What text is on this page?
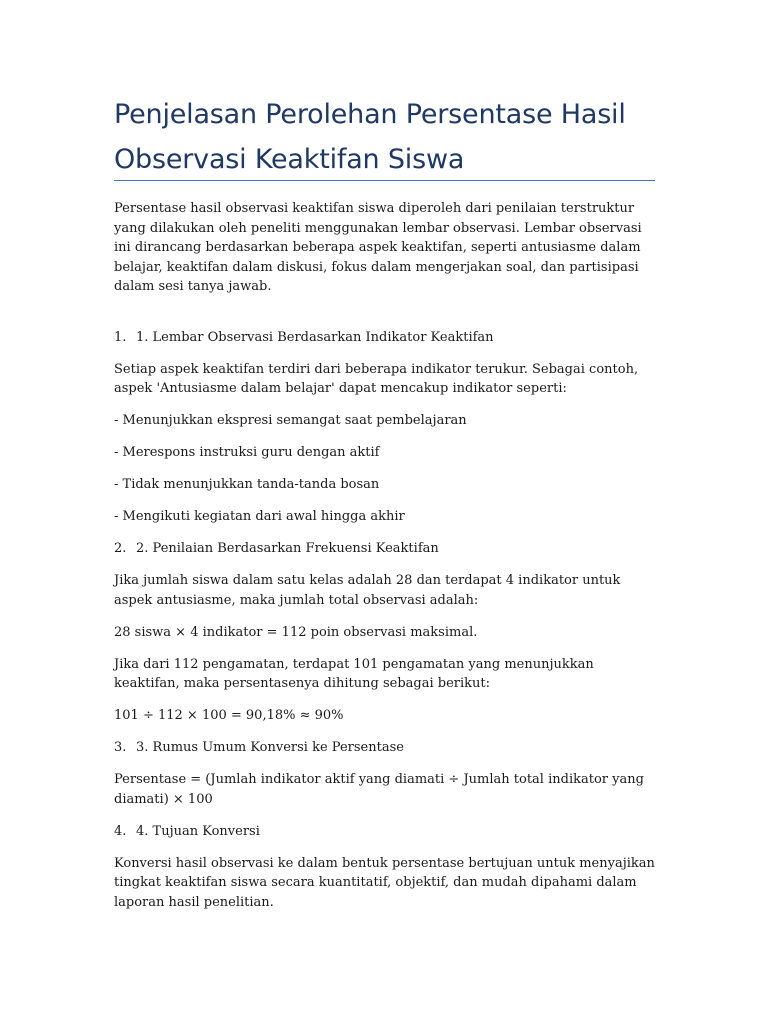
Penjelasan Perolehan Persentase Hasil Observasi Keaktifan Siswa

Persentase hasil observasi keaktifan siswa diperoleh dari penilaian terstruktur yang dilakukan oleh peneliti menggunakan lembar observasi. Lembar observasi ini dirancang berdasarkan beberapa aspek keaktifan, seperti antusiasme dalam belajar, keaktifan dalam diskusi, fokus dalam mengerjakan soal, dan partisipasi dalam sesi tanya jawab.

1. 1. Lembar Observasi Berdasarkan Indikator Keaktifan

Setiap aspek keaktifan terdiri dari beberapa indikator terukur. Sebagai contoh, aspek 'Antusiasme dalam belajar' dapat mencakup indikator seperti:

- Menunjukkan ekspresi semangat saat pembelajaran

- Merespons instruksi guru dengan aktif

- Tidak menunjukkan tanda-tanda bosan

- Mengikuti kegiatan dari awal hingga akhir

2. 2. Penilaian Berdasarkan Frekuensi Keaktifan

Jika jumlah siswa dalam satu kelas adalah 28 dan terdapat 4 indikator untuk aspek antusiasme, maka jumlah total observasi adalah:

28 siswa × 4 indikator = 112 poin observasi maksimal.

Jika dari 112 pengamatan, terdapat 101 pengamatan yang menunjukkan keaktifan, maka persentasenya dihitung sebagai berikut:

101 ÷ 112 × 100 = 90,18% ≈ 90%

3. 3. Rumus Umum Konversi ke Persentase

Persentase = (Jumlah indikator aktif yang diamati ÷ Jumlah total indikator yang diamati) × 100

4. 4. Tujuan Konversi

Konversi hasil observasi ke dalam bentuk persentase bertujuan untuk menyajikan tingkat keaktifan siswa secara kuantitatif, objektif, dan mudah dipahami dalam laporan hasil penelitian.
